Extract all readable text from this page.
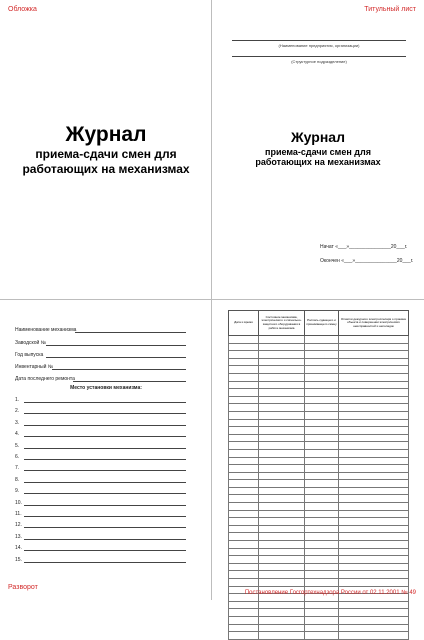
Обложка
Журнал
приема-сдачи смен для
работающих на механизмах
Титульный лист
(Наименование предприятия, организации)
(Структурное подразделение)
Журнал
приема-сдачи смен для
работающих на механизмах
Начат «___»_______________20___г.
Окончен «___»_______________20___г.
Наименование механизма
Заводской №
Год выпуска
Инвентарный №
Дата последнего ремонта
Место установки механизма:
1.
2.
3.
4.
5.
6.
7.
8.
9.
10.
11.
12.
13.
14.
15.
Дата и время	Состояние механизма, электрического и сигнально-защитного оборудования в работе механизма	Роспись сдающего и принимающего смену	Отметки дежурного электрослесаря о приемке объекта и совершении электрических неисправностей и неполадок

Разворот
Постановление Госгортехнадзора России от 02.11.2001 № 49
